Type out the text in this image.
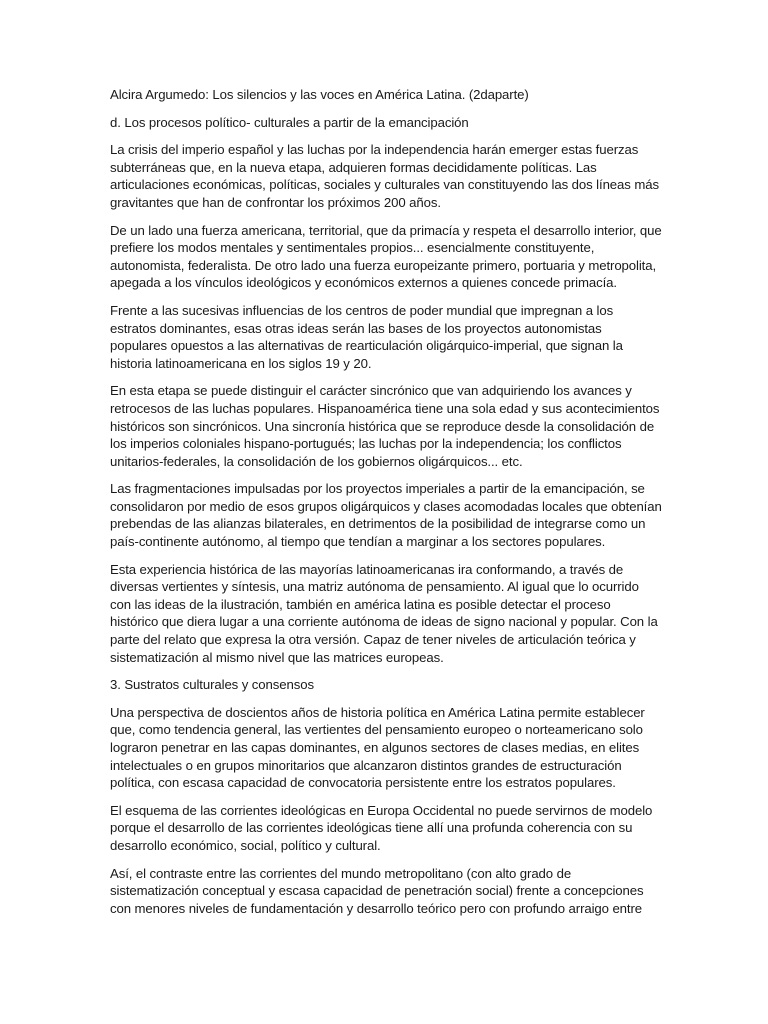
Alcira Argumedo: Los silencios y las voces en América Latina. (2daparte)

d. Los procesos político- culturales a partir de la emancipación

La crisis del imperio español y las luchas por la independencia harán emerger estas fuerzas subterráneas que, en la nueva etapa, adquieren formas decididamente políticas. Las articulaciones económicas, políticas, sociales y culturales van constituyendo las dos líneas más gravitantes que han de confrontar los próximos 200 años.

De un lado una fuerza americana, territorial, que da primacía y respeta el desarrollo interior, que prefiere los modos mentales y sentimentales propios... esencialmente constituyente, autonomista, federalista. De otro lado una fuerza europeizante primero, portuaria y metropolita, apegada a los vínculos ideológicos y económicos externos a quienes concede primacía.

Frente a las sucesivas influencias de los centros de poder mundial que impregnan a los estratos dominantes, esas otras ideas serán las bases de los proyectos autonomistas populares opuestos a las alternativas de rearticulación oligárquico-imperial, que signan la historia latinoamericana en los siglos 19 y 20.

En esta etapa se puede distinguir el carácter sincrónico que van adquiriendo los avances y retrocesos de las luchas populares. Hispanoamérica tiene una sola edad y sus acontecimientos históricos son sincrónicos. Una sincronía histórica que se reproduce desde la consolidación de los imperios coloniales hispano-portugués; las luchas por la independencia; los conflictos unitarios-federales, la consolidación de los gobiernos oligárquicos... etc.

Las fragmentaciones impulsadas por los proyectos imperiales a partir de la emancipación, se consolidaron por medio de esos grupos oligárquicos y clases acomodadas locales que obtenían prebendas de las alianzas bilaterales, en detrimentos de la posibilidad de integrarse como un país-continente autónomo, al tiempo que tendían a marginar a los sectores populares.

Esta experiencia histórica de las mayorías latinoamericanas ira conformando, a través de diversas vertientes y síntesis, una matriz autónoma de pensamiento. Al igual que lo ocurrido con las ideas de la ilustración, también en américa latina es posible detectar el proceso histórico que diera lugar a una corriente autónoma de ideas de signo nacional y popular. Con la parte del relato que expresa la otra versión. Capaz de tener niveles de articulación teórica y sistematización al mismo nivel que las matrices europeas.

3. Sustratos culturales y consensos

Una perspectiva de doscientos años de historia política en América Latina permite establecer que, como tendencia general, las vertientes del pensamiento europeo o norteamericano solo lograron penetrar en las capas dominantes, en algunos sectores de clases medias, en elites intelectuales o en grupos minoritarios que alcanzaron distintos grandes de estructuración política, con escasa capacidad de convocatoria persistente entre los estratos populares.

El esquema de las corrientes ideológicas en Europa Occidental no puede servirnos de modelo porque el desarrollo de las corrientes ideológicas tiene allí una profunda coherencia con su desarrollo económico, social, político y cultural.

Así, el contraste entre las corrientes del mundo metropolitano (con alto grado de sistematización conceptual y escasa capacidad de penetración social) frente a concepciones con menores niveles de fundamentación y desarrollo teórico pero con profundo arraigo entre
